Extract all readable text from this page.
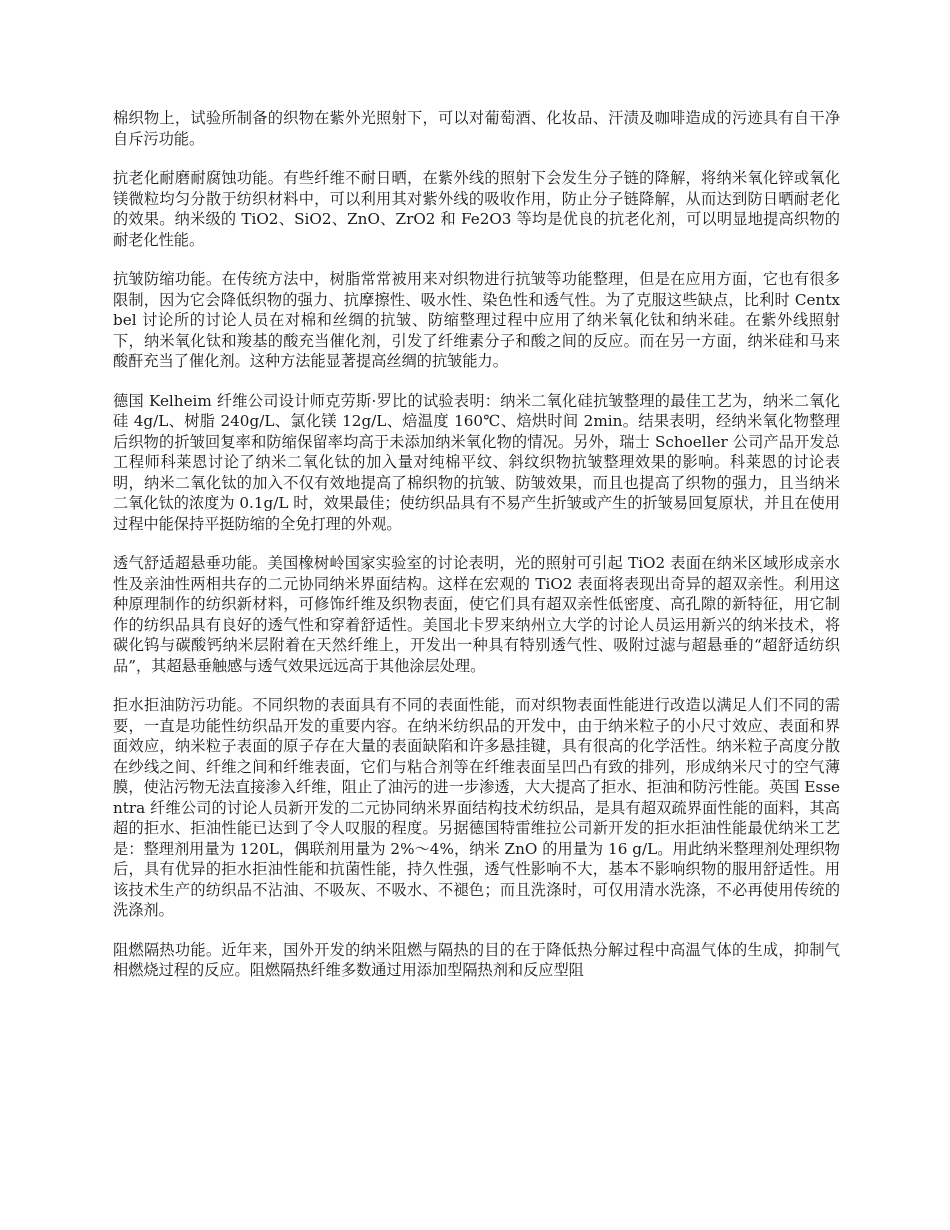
棉织物上，试验所制备的织物在紫外光照射下，可以对葡萄酒、化妆品、汗渍及咖啡造成的污迹具有自干净自斥污功能。

抗老化耐磨耐腐蚀功能。有些纤维不耐日晒，在紫外线的照射下会发生分子链的降解，将纳米氧化锌或氧化镁微粒均匀分散于纺织材料中，可以利用其对紫外线的吸收作用，防止分子链降解，从而达到防日晒耐老化的效果。纳米级的 TiO2、SiO2、ZnO、ZrO2 和 Fe2O3 等均是优良的抗老化剂，可以明显地提高织物的耐老化性能。

抗皱防缩功能。在传统方法中，树脂常常被用来对织物进行抗皱等功能整理，但是在应用方面，它也有很多限制，因为它会降低织物的强力、抗摩擦性、吸水性、染色性和透气性。为了克服这些缺点，比利时 Centxbel 讨论所的讨论人员在对棉和丝绸的抗皱、防缩整理过程中应用了纳米氧化钛和纳米硅。在紫外线照射下，纳米氧化钛和羧基的酸充当催化剂，引发了纤维素分子和酸之间的反应。而在另一方面，纳米硅和马来酸酐充当了催化剂。这种方法能显著提高丝绸的抗皱能力。

德国 Kelheim 纤维公司设计师克劳斯·罗比的试验表明：纳米二氧化硅抗皱整理的最佳工艺为，纳米二氧化硅 4g/L、树脂 240g/L、氯化镁 12g/L、焙温度 160℃、焙烘时间 2min。结果表明，经纳米氧化物整理后织物的折皱回复率和防缩保留率均高于未添加纳米氧化物的情况。另外，瑞士 Schoeller 公司产品开发总工程师科莱恩讨论了纳米二氧化钛的加入量对纯棉平纹、斜纹织物抗皱整理效果的影响。科莱恩的讨论表明，纳米二氧化钛的加入不仅有效地提高了棉织物的抗皱、防皱效果，而且也提高了织物的强力，且当纳米二氧化钛的浓度为 0.1g/L 时，效果最佳；使纺织品具有不易产生折皱或产生的折皱易回复原状，并且在使用过程中能保持平挺防缩的全免打理的外观。

透气舒适超悬垂功能。美国橡树岭国家实验室的讨论表明，光的照射可引起 TiO2 表面在纳米区域形成亲水性及亲油性两相共存的二元协同纳米界面结构。这样在宏观的 TiO2 表面将表现出奇异的超双亲性。利用这种原理制作的纺织新材料，可修饰纤维及织物表面，使它们具有超双亲性低密度、高孔隙的新特征，用它制作的纺织品具有良好的透气性和穿着舒适性。美国北卡罗来纳州立大学的讨论人员运用新兴的纳米技术，将碳化钨与碳酸钙纳米层附着在天然纤维上，开发出一种具有特别透气性、吸附过滤与超悬垂的“超舒适纺织品”，其超悬垂触感与透气效果远远高于其他涂层处理。

拒水拒油防污功能。不同织物的表面具有不同的表面性能，而对织物表面性能进行改造以满足人们不同的需要，一直是功能性纺织品开发的重要内容。在纳米纺织品的开发中，由于纳米粒子的小尺寸效应、表面和界面效应，纳米粒子表面的原子存在大量的表面缺陷和许多悬挂键，具有很高的化学活性。纳米粒子高度分散在纱线之间、纤维之间和纤维表面，它们与粘合剂等在纤维表面呈凹凸有致的排列，形成纳米尺寸的空气薄膜，使沾污物无法直接渗入纤维，阻止了油污的进一步渗透，大大提高了拒水、拒油和防污性能。英国 Essentra 纤维公司的讨论人员新开发的二元协同纳米界面结构技术纺织品，是具有超双疏界面性能的面料，其高超的拒水、拒油性能已达到了令人叹服的程度。另据德国特雷维拉公司新开发的拒水拒油性能最优纳米工艺是：整理剂用量为 120L，偶联剂用量为 2%～4%，纳米 ZnO 的用量为 16 g/L。用此纳米整理剂处理织物后，具有优异的拒水拒油性能和抗菌性能，持久性强，透气性影响不大，基本不影响织物的服用舒适性。用该技术生产的纺织品不沾油、不吸灰、不吸水、不褪色；而且洗涤时，可仅用清水洗涤，不必再使用传统的洗涤剂。

阻燃隔热功能。近年来，国外开发的纳米阻燃与隔热的目的在于降低热分解过程中高温气体的生成，抑制气相燃烧过程的反应。阻燃隔热纤维多数通过用添加型隔热剂和反应型阻
